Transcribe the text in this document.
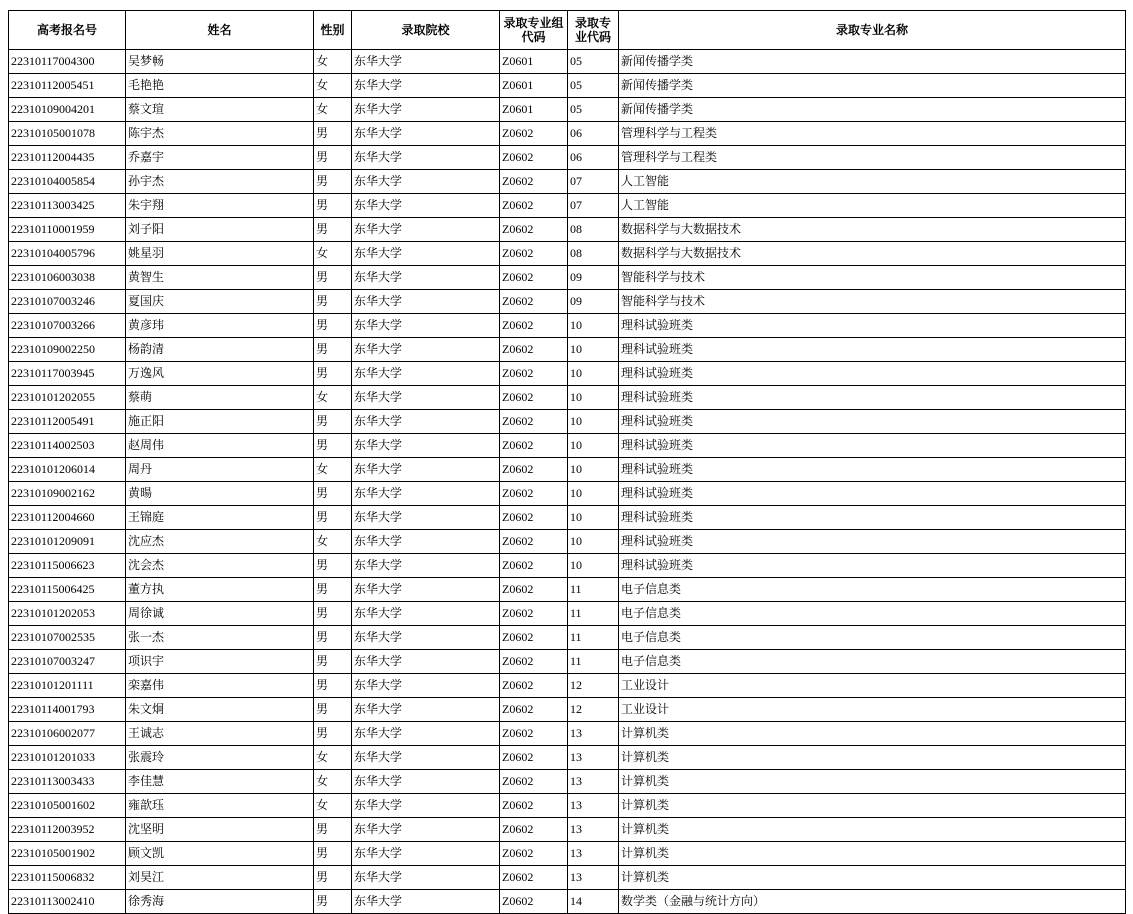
高考报名号	姓名	性别	录取院校	录取专业组代码	录取专业代码	录取专业名称
22310117004300	吴梦畅	女	东华大学	Z0601	05	新闻传播学类
22310112005451	毛艳艳	女	东华大学	Z0601	05	新闻传播学类
22310109004201	蔡文瑄	女	东华大学	Z0601	05	新闻传播学类
22310105001078	陈宇杰	男	东华大学	Z0602	06	管理科学与工程类
22310112004435	乔嘉宇	男	东华大学	Z0602	06	管理科学与工程类
22310104005854	孙宇杰	男	东华大学	Z0602	07	人工智能
22310113003425	朱宇翔	男	东华大学	Z0602	07	人工智能
22310110001959	刘子阳	男	东华大学	Z0602	08	数据科学与大数据技术
22310104005796	姚星羽	女	东华大学	Z0602	08	数据科学与大数据技术
22310106003038	黄智生	男	东华大学	Z0602	09	智能科学与技术
22310107003246	夏国庆	男	东华大学	Z0602	09	智能科学与技术
22310107003266	黄彦玮	男	东华大学	Z0602	10	理科试验班类
22310109002250	杨韵清	男	东华大学	Z0602	10	理科试验班类
22310117003945	万逸风	男	东华大学	Z0602	10	理科试验班类
22310101202055	蔡萌	女	东华大学	Z0602	10	理科试验班类
22310112005491	施正阳	男	东华大学	Z0602	10	理科试验班类
22310114002503	赵周伟	男	东华大学	Z0602	10	理科试验班类
22310101206014	周丹	女	东华大学	Z0602	10	理科试验班类
22310109002162	黄暘	男	东华大学	Z0602	10	理科试验班类
22310112004660	王锦庭	男	东华大学	Z0602	10	理科试验班类
22310101209091	沈应杰	女	东华大学	Z0602	10	理科试验班类
22310115006623	沈会杰	男	东华大学	Z0602	10	理科试验班类
22310115006425	董方执	男	东华大学	Z0602	11	电子信息类
22310101202053	周徐诚	男	东华大学	Z0602	11	电子信息类
22310107002535	张一杰	男	东华大学	Z0602	11	电子信息类
22310107003247	项识宇	男	东华大学	Z0602	11	电子信息类
22310101201111	栾嘉伟	男	东华大学	Z0602	12	工业设计
22310114001793	朱文炯	男	东华大学	Z0602	12	工业设计
22310106002077	王诚志	男	东华大学	Z0602	13	计算机类
22310101201033	张震玲	女	东华大学	Z0602	13	计算机类
22310113003433	李佳慧	女	东华大学	Z0602	13	计算机类
22310105001602	雍歆珏	女	东华大学	Z0602	13	计算机类
22310112003952	沈坚明	男	东华大学	Z0602	13	计算机类
22310105001902	顾文凯	男	东华大学	Z0602	13	计算机类
22310115006832	刘昊江	男	东华大学	Z0602	13	计算机类
22310113002410	徐秀海	男	东华大学	Z0602	14	数学类（金融与统计方向）
